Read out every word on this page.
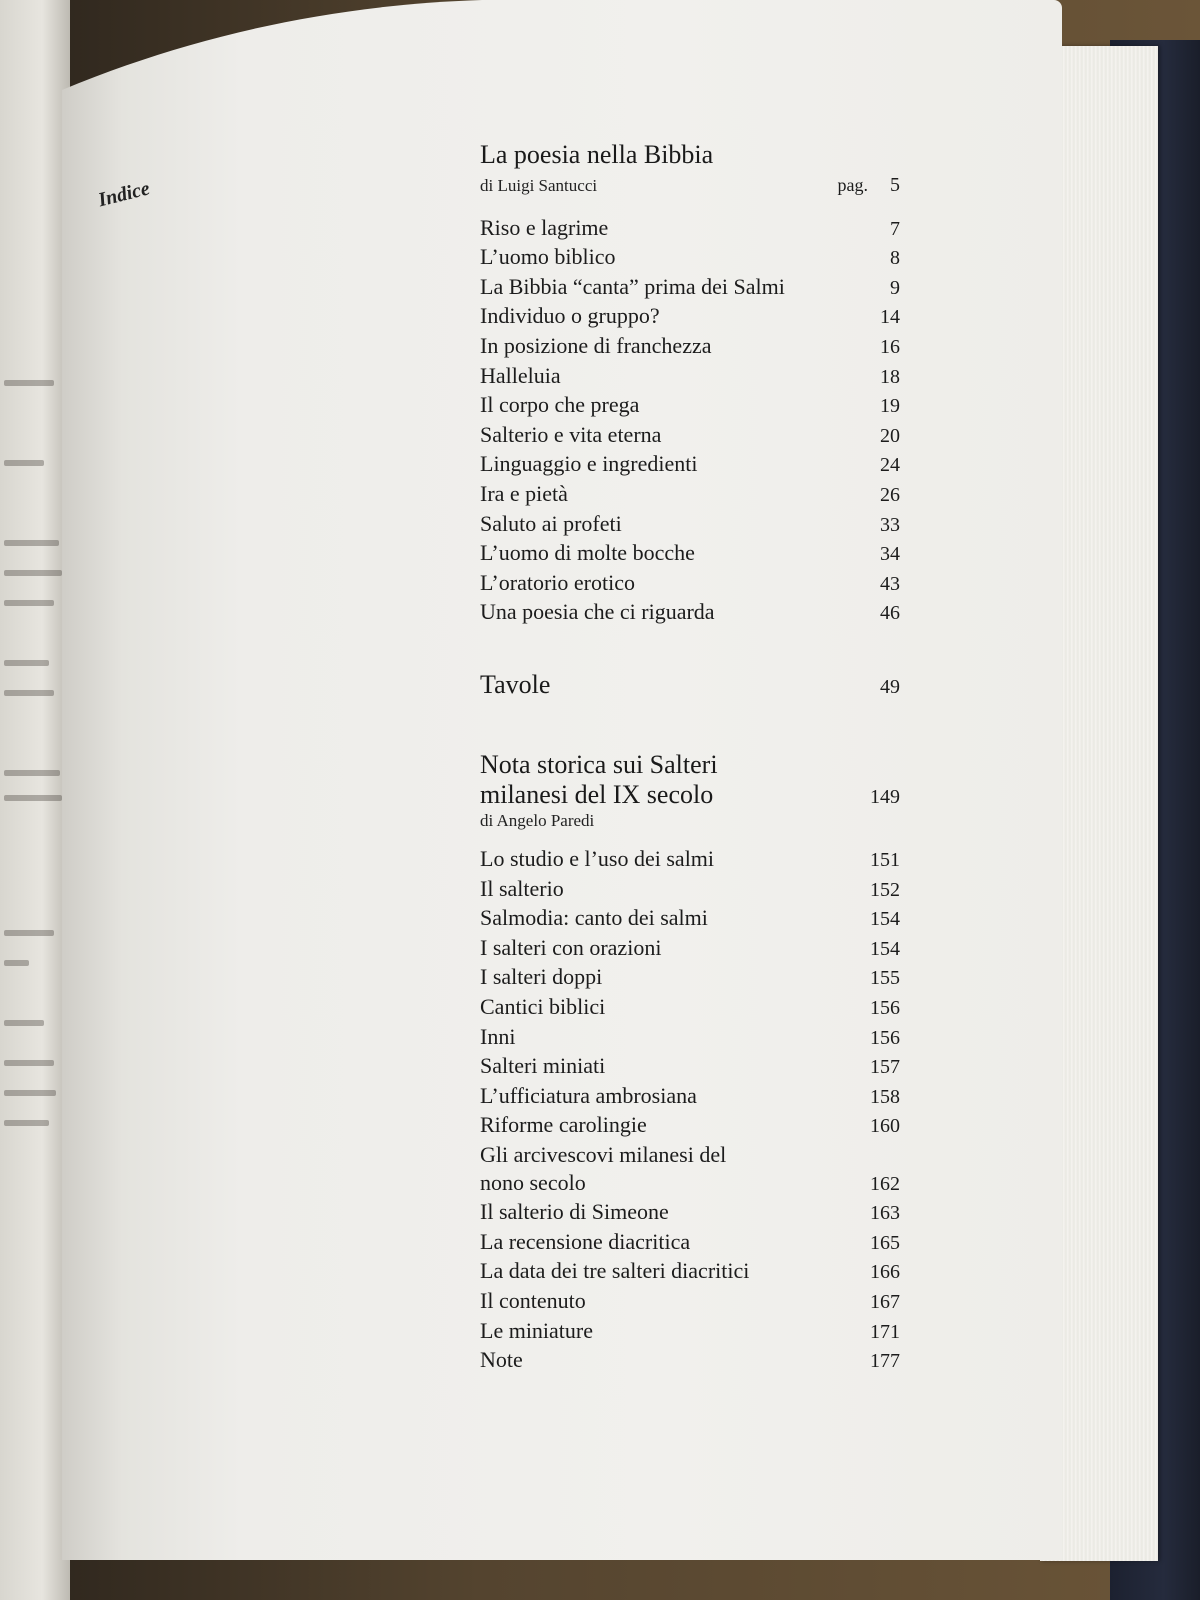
Indice
La poesia nella Bibbia
di Luigi Santucci	pag. 5
Riso e lagrime	7
L’uomo biblico	8
La Bibbia “canta” prima dei Salmi	9
Individuo o gruppo?	14
In posizione di franchezza	16
Halleluia	18
Il corpo che prega	19
Salterio e vita eterna	20
Linguaggio e ingredienti	24
Ira e pietà	26
Saluto ai profeti	33
L’uomo di molte bocche	34
L’oratorio erotico	43
Una poesia che ci riguarda	46
Tavole	49
Nota storica sui Salteri
milanesi del IX secolo	149
di Angelo Paredi
Lo studio e l’uso dei salmi	151
Il salterio	152
Salmodia: canto dei salmi	154
I salteri con orazioni	154
I salteri doppi	155
Cantici biblici	156
Inni	156
Salteri miniati	157
L’ufficiatura ambrosiana	158
Riforme carolingie	160
Gli arcivescovi milanesi del
nono secolo	162
Il salterio di Simeone	163
La recensione diacritica	165
La data dei tre salteri diacritici	166
Il contenuto	167
Le miniature	171
Note	177
